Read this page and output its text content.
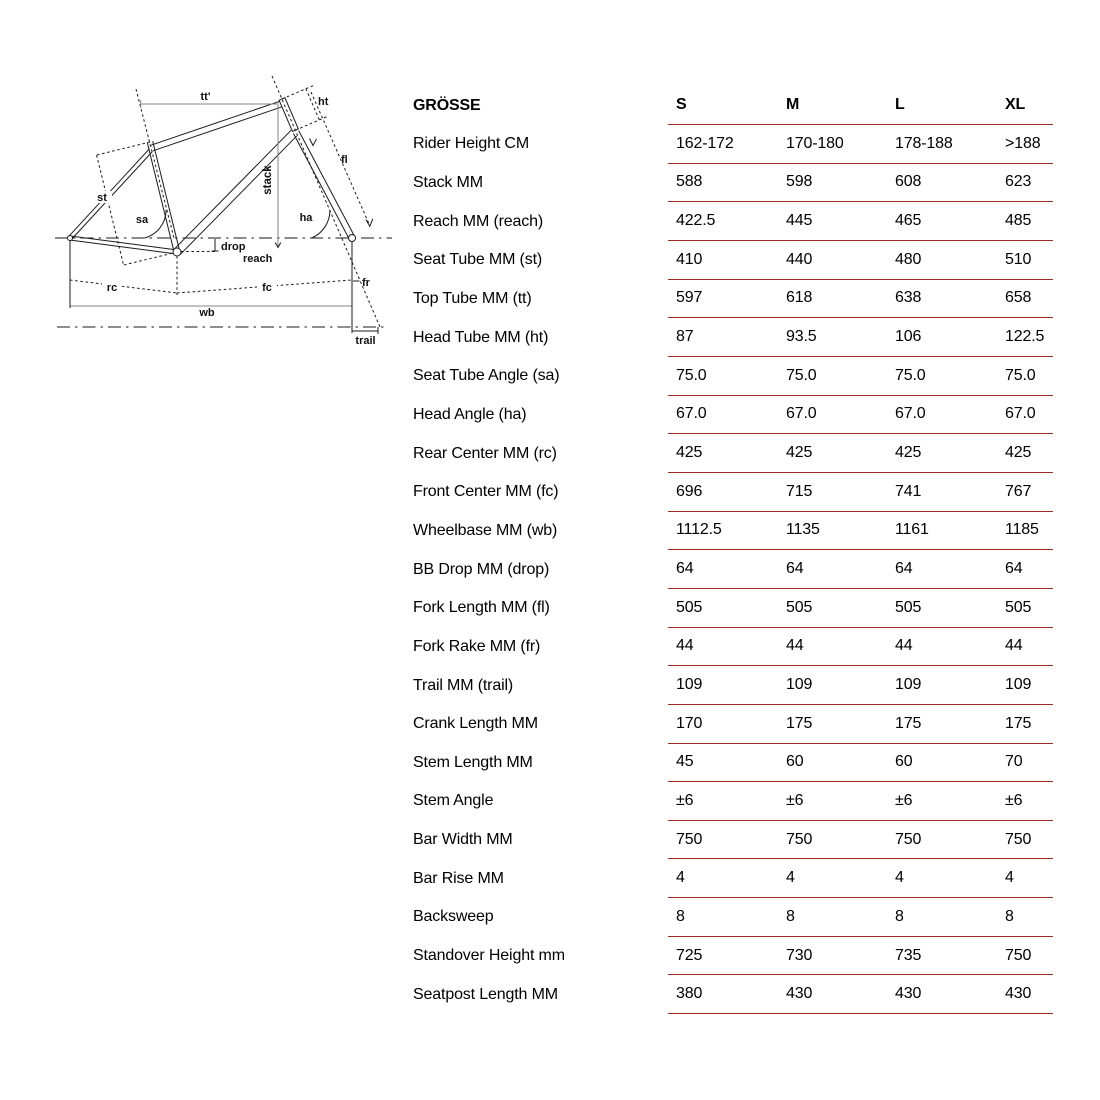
tt'	ht
fl
st
sa	ha
stack
drop
reach
rc	fc	fr
wb
trail
GRÖSSE	S	M	L	XL
Rider Height CM	162-172	170-180	178-188	>188
Stack MM	588	598	608	623
Reach MM (reach)	422.5	445	465	485
Seat Tube MM (st)	410	440	480	510
Top Tube MM (tt)	597	618	638	658
Head Tube MM (ht)	87	93.5	106	122.5
Seat Tube Angle (sa)	75.0	75.0	75.0	75.0
Head Angle (ha)	67.0	67.0	67.0	67.0
Rear Center MM (rc)	425	425	425	425
Front Center MM (fc)	696	715	741	767
Wheelbase MM (wb)	1112.5	1135	1161	1185
BB Drop MM (drop)	64	64	64	64
Fork Length MM (fl)	505	505	505	505
Fork Rake MM (fr)	44	44	44	44
Trail MM (trail)	109	109	109	109
Crank Length MM	170	175	175	175
Stem Length MM	45	60	60	70
Stem Angle	±6	±6	±6	±6
Bar Width MM	750	750	750	750
Bar Rise MM	4	4	4	4
Backsweep	8	8	8	8
Standover Height mm	725	730	735	750
Seatpost Length MM	380	430	430	430
